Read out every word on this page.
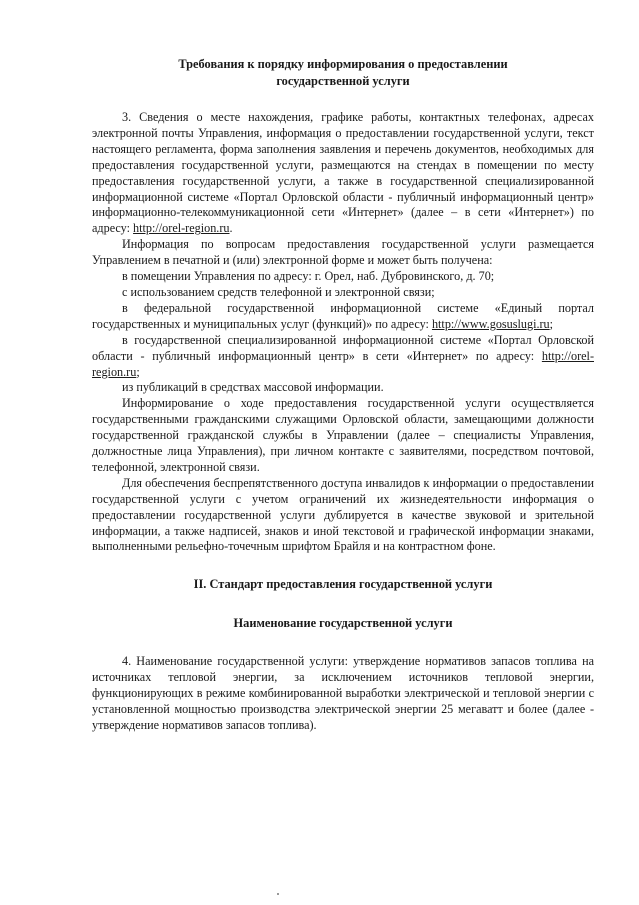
Требования к порядку информирования о предоставлении
государственной услуги

3. Сведения о месте нахождения, графике работы, контактных телефонах, адресах электронной почты Управления, информация о предоставлении государственной услуги, текст настоящего регламента, форма заполнения заявления и перечень документов, необходимых для предоставления государственной услуги, размещаются на стендах в помещении по месту предоставления государственной услуги, а также в государственной специализированной информационной системе «Портал Орловской области - публичный информационный центр» информационно-телекоммуникационной сети «Интернет» (далее – в сети «Интернет») по адресу: http://orel-region.ru.

Информация по вопросам предоставления государственной услуги размещается Управлением в печатной и (или) электронной форме и может быть получена:

в помещении Управления по адресу: г. Орел, наб. Дубровинского, д. 70;

с использованием средств телефонной и электронной связи;

в федеральной государственной информационной системе «Единый портал государственных и муниципальных услуг (функций)» по адресу: http://www.gosuslugi.ru;

в государственной специализированной информационной системе «Портал Орловской области - публичный информационный центр» в сети «Интернет» по адресу: http://orel-region.ru;

из публикаций в средствах массовой информации.

Информирование о ходе предоставления государственной услуги осуществляется государственными гражданскими служащими Орловской области, замещающими должности государственной гражданской службы в Управлении (далее – специалисты Управления, должностные лица Управления), при личном контакте с заявителями, посредством почтовой, телефонной, электронной связи.

Для обеспечения беспрепятственного доступа инвалидов к информации о предоставлении государственной услуги с учетом ограничений их жизнедеятельности информация о предоставлении государственной услуги дублируется в качестве звуковой и зрительной информации, а также надписей, знаков и иной текстовой и графической информации знаками, выполненными рельефно-точечным шрифтом Брайля и на контрастном фоне.

II. Стандарт предоставления государственной услуги
Наименование государственной услуги

4. Наименование государственной услуги: утверждение нормативов запасов топлива на источниках тепловой энергии, за исключением источников тепловой энергии, функционирующих в режиме комбинированной выработки электрической и тепловой энергии с установленной мощностью производства электрической энергии 25 мегаватт и более (далее - утверждение нормативов запасов топлива).
